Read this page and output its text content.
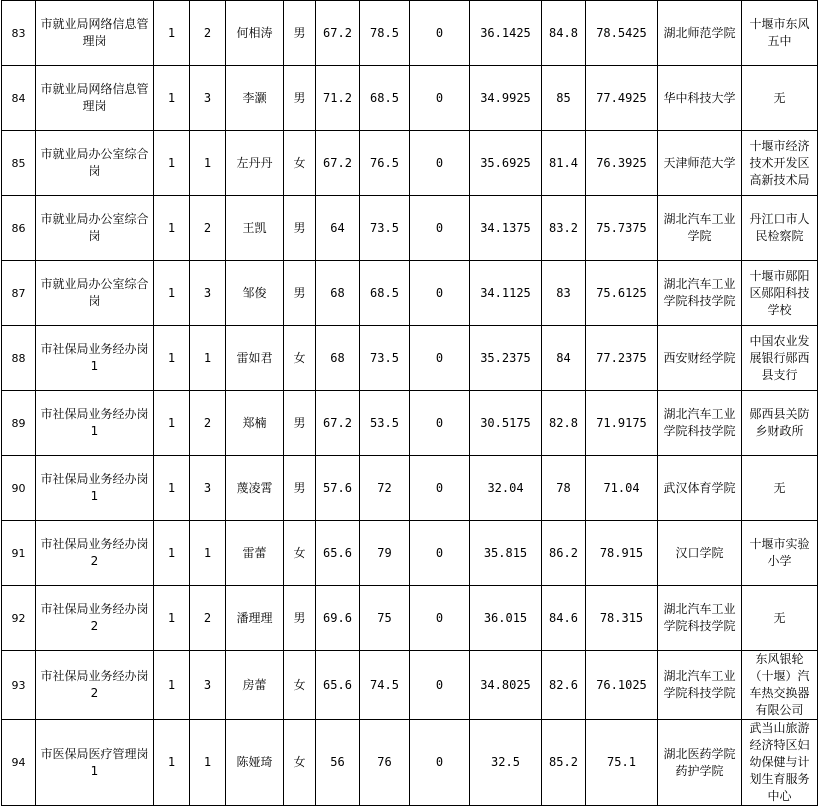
83	市就业局网络信息管理岗	1	2	何相涛	男	67.2	78.5	0	36.1425	84.8	78.5425	湖北师范学院	十堰市东风五中
84	市就业局网络信息管理岗	1	3	李灏	男	71.2	68.5	0	34.9925	85	77.4925	华中科技大学	无
85	市就业局办公室综合岗	1	1	左丹丹	女	67.2	76.5	0	35.6925	81.4	76.3925	天津师范大学	十堰市经济技术开发区高新技术局
86	市就业局办公室综合岗	1	2	王凯	男	64	73.5	0	34.1375	83.2	75.7375	湖北汽车工业学院	丹江口市人民检察院
87	市就业局办公室综合岗	1	3	邹俊	男	68	68.5	0	34.1125	83	75.6125	湖北汽车工业学院科技学院	十堰市郧阳区郧阳科技学校
88	市社保局业务经办岗1	1	1	雷如君	女	68	73.5	0	35.2375	84	77.2375	西安财经学院	中国农业发展银行郧西县支行
89	市社保局业务经办岗1	1	2	郑楠	男	67.2	53.5	0	30.5175	82.8	71.9175	湖北汽车工业学院科技学院	郧西县关防乡财政所
90	市社保局业务经办岗1	1	3	蔑凌霄	男	57.6	72	0	32.04	78	71.04	武汉体育学院	无
91	市社保局业务经办岗2	1	1	雷蕾	女	65.6	79	0	35.815	86.2	78.915	汉口学院	十堰市实验小学
92	市社保局业务经办岗2	1	2	潘理理	男	69.6	75	0	36.015	84.6	78.315	湖北汽车工业学院科技学院	无
93	市社保局业务经办岗2	1	3	房蕾	女	65.6	74.5	0	34.8025	82.6	76.1025	湖北汽车工业学院科技学院	东风银轮（十堰）汽车热交换器有限公司
94	市医保局医疗管理岗1	1	1	陈娅琦	女	56	76	0	32.5	85.2	75.1	湖北医药学院药护学院	武当山旅游经济特区妇幼保健与计划生育服务中心
